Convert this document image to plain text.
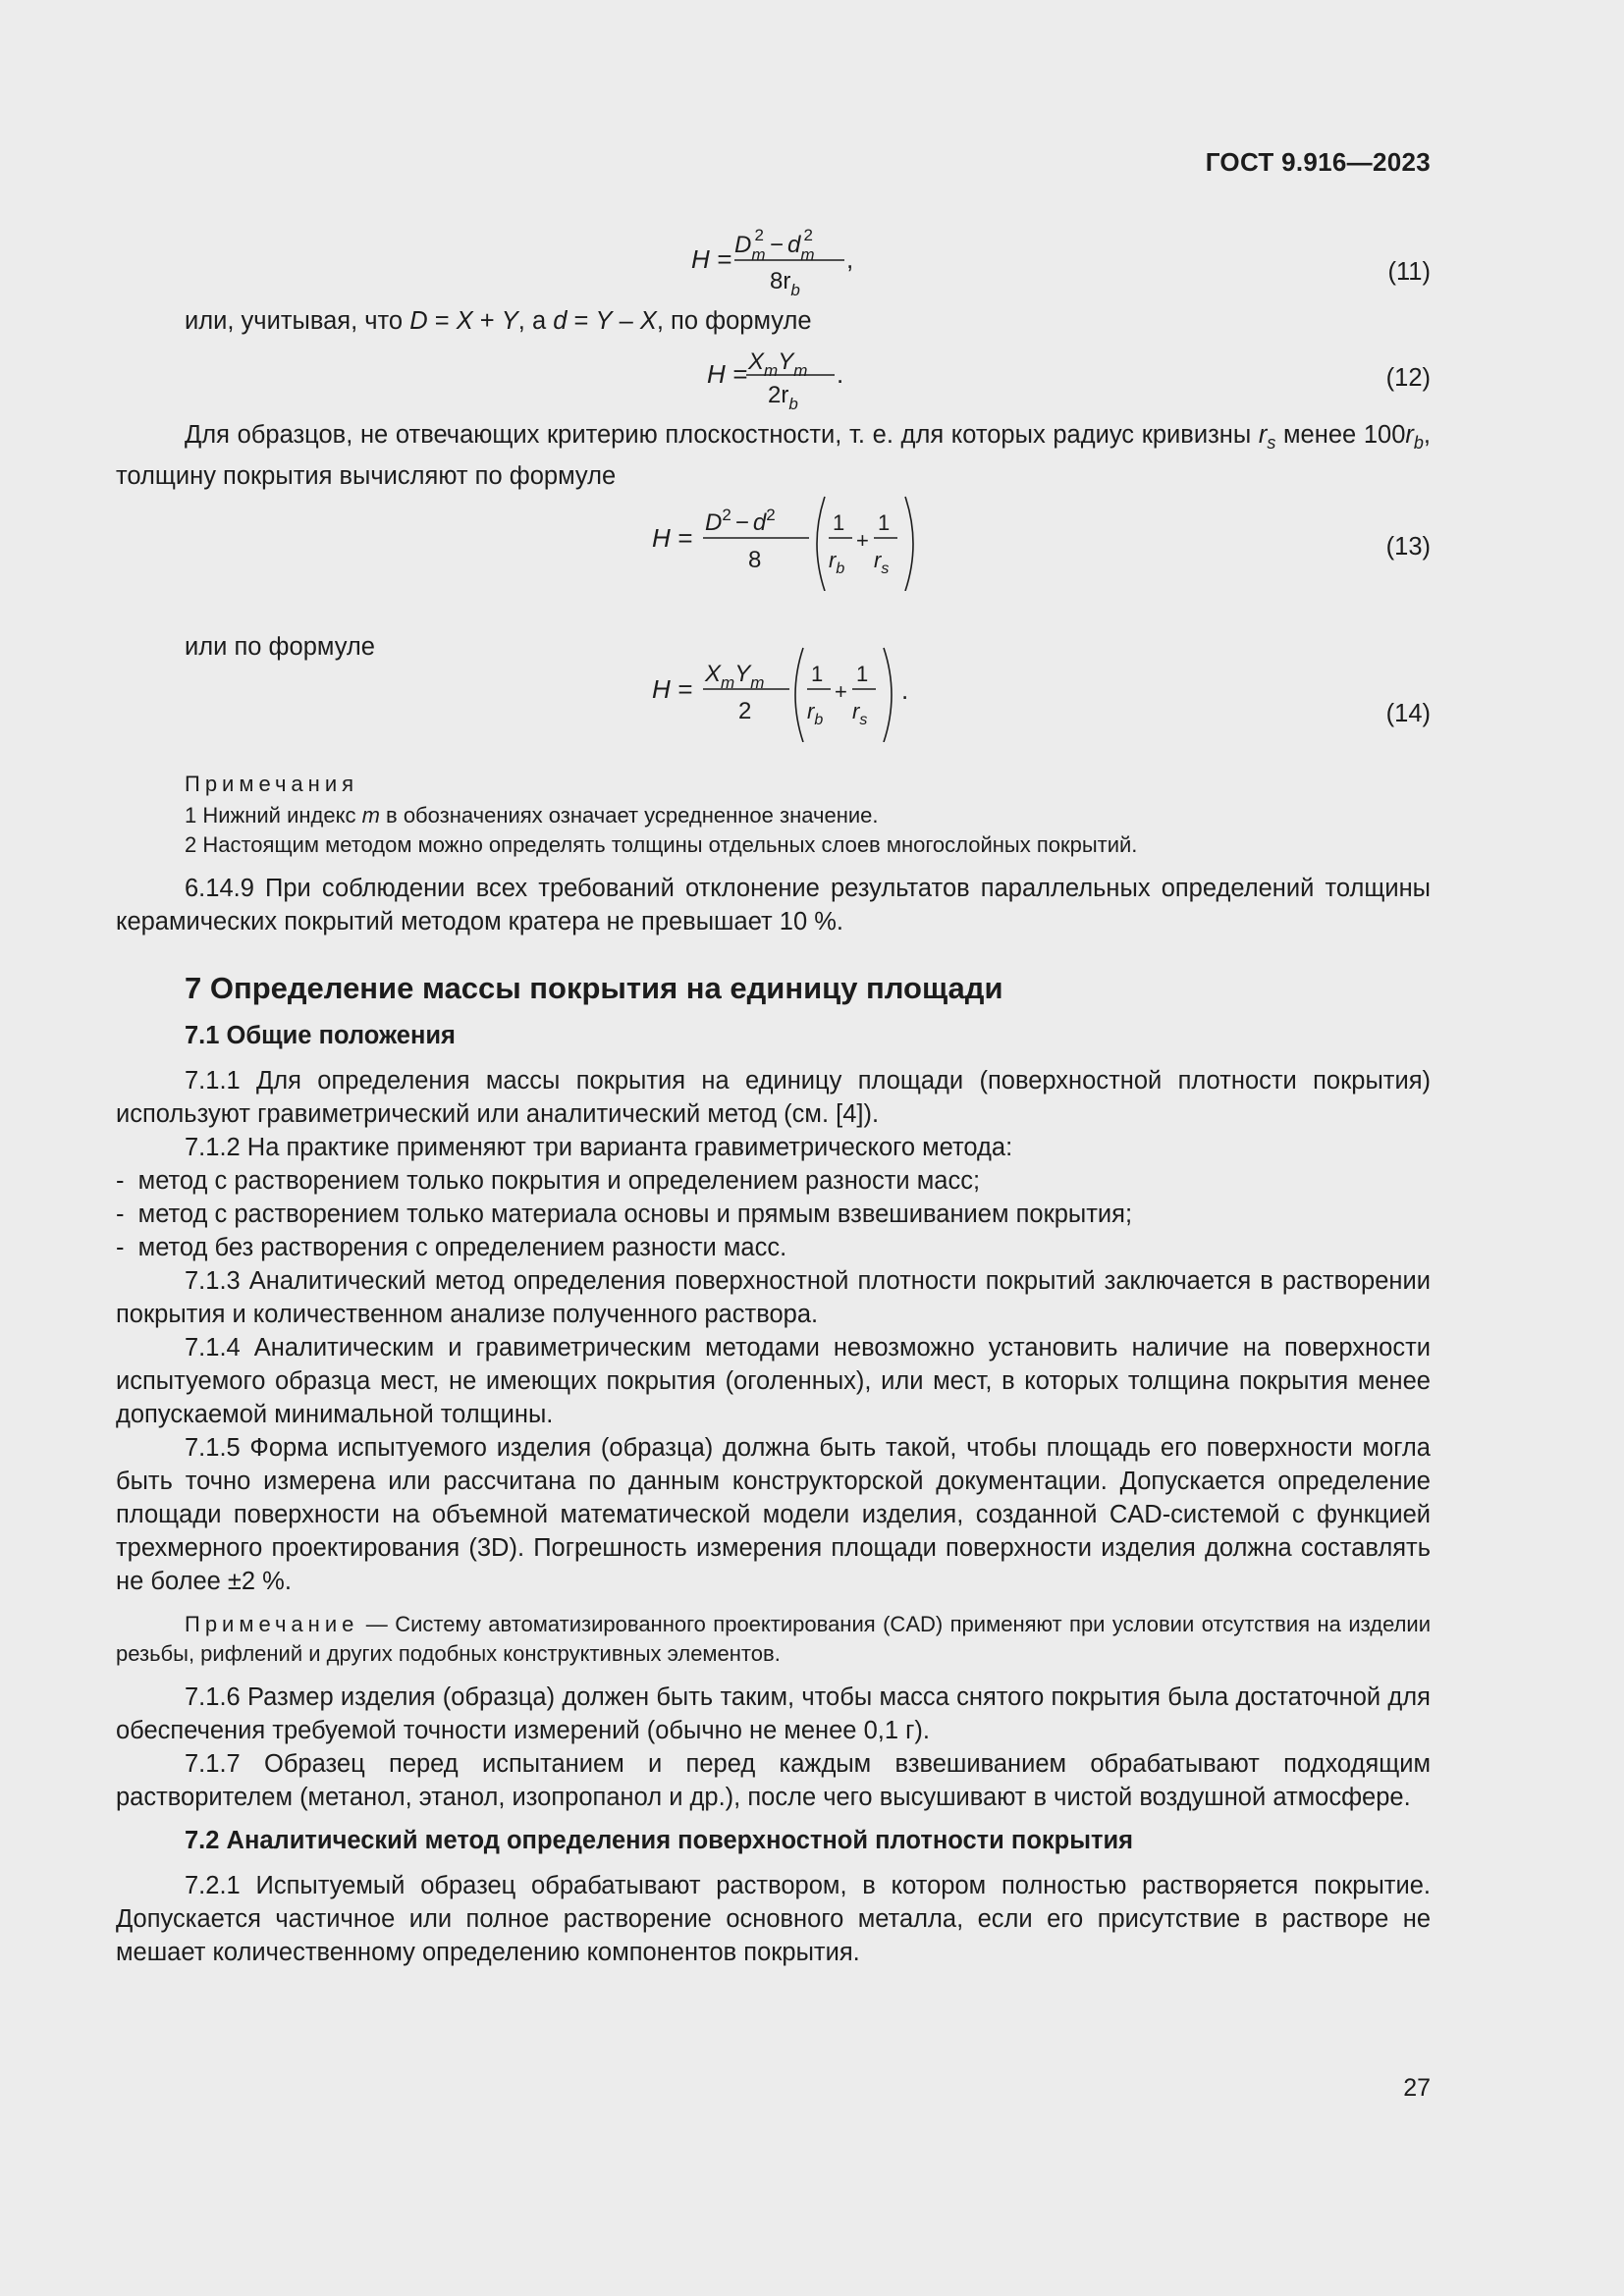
ГОСТ 9.916—2023
$H = D_m2 - d_m2$
$8r_b$
,	(11)

или, учитывая, что D = X + Y, а d = Y – X, по формуле

$H = X_mY_m$
$2r_b$
.	(12)

Для образцов, не отвечающих критерию плоскостности, т. е. для которых радиус кривизны $r_s$ менее $100r_b$, толщину покрытия вычисляют по формуле

H =
$D^2 - d^2$
8
1
$r_b$
+
1
$r_s$
(13)

или по формуле

H =
$X_mY_m$
2
1
$r_b$
+
1
$r_s$
.
(14)

Примечания

1 Нижний индекс m в обозначениях означает усредненное значение.

2 Настоящим методом можно определять толщины отдельных слоев многослойных покрытий.

6.14.9 При соблюдении всех требований отклонение результатов параллельных определений толщины керамических покрытий методом кратера не превышает 10 %.

7 Определение массы покрытия на единицу площади

7.1 Общие положения

7.1.1 Для определения массы покрытия на единицу площади (поверхностной плотности покрытия) используют гравиметрический или аналитический метод (см. [4]).

7.1.2 На практике применяют три варианта гравиметрического метода:

-  метод с растворением только покрытия и определением разности масс;

-  метод с растворением только материала основы и прямым взвешиванием покрытия;

-  метод без растворения с определением разности масс.

7.1.3 Аналитический метод определения поверхностной плотности покрытий заключается в растворении покрытия и количественном анализе полученного раствора.

7.1.4 Аналитическим и гравиметрическим методами невозможно установить наличие на поверхности испытуемого образца мест, не имеющих покрытия (оголенных), или мест, в которых толщина покрытия менее допускаемой минимальной толщины.

7.1.5 Форма испытуемого изделия (образца) должна быть такой, чтобы площадь его поверхности могла быть точно измерена или рассчитана по данным конструкторской документации. Допускается определение площади поверхности на объемной математической модели изделия, созданной CAD-системой с функцией трехмерного проектирования (3D). Погрешность измерения площади поверхности изделия должна составлять не более ±2 %.

Примечание — Систему автоматизированного проектирования (CAD) применяют при условии отсутствия на изделии резьбы, рифлений и других подобных конструктивных элементов.

7.1.6 Размер изделия (образца) должен быть таким, чтобы масса снятого покрытия была достаточной для обеспечения требуемой точности измерений (обычно не менее 0,1 г).

7.1.7 Образец перед испытанием и перед каждым взвешиванием обрабатывают подходящим растворителем (метанол, этанол, изопропанол и др.), после чего высушивают в чистой воздушной атмосфере.

7.2 Аналитический метод определения поверхностной плотности покрытия

7.2.1 Испытуемый образец обрабатывают раствором, в котором полностью растворяется покрытие. Допускается частичное или полное растворение основного металла, если его присутствие в растворе не мешает количественному определению компонентов покрытия.

27
